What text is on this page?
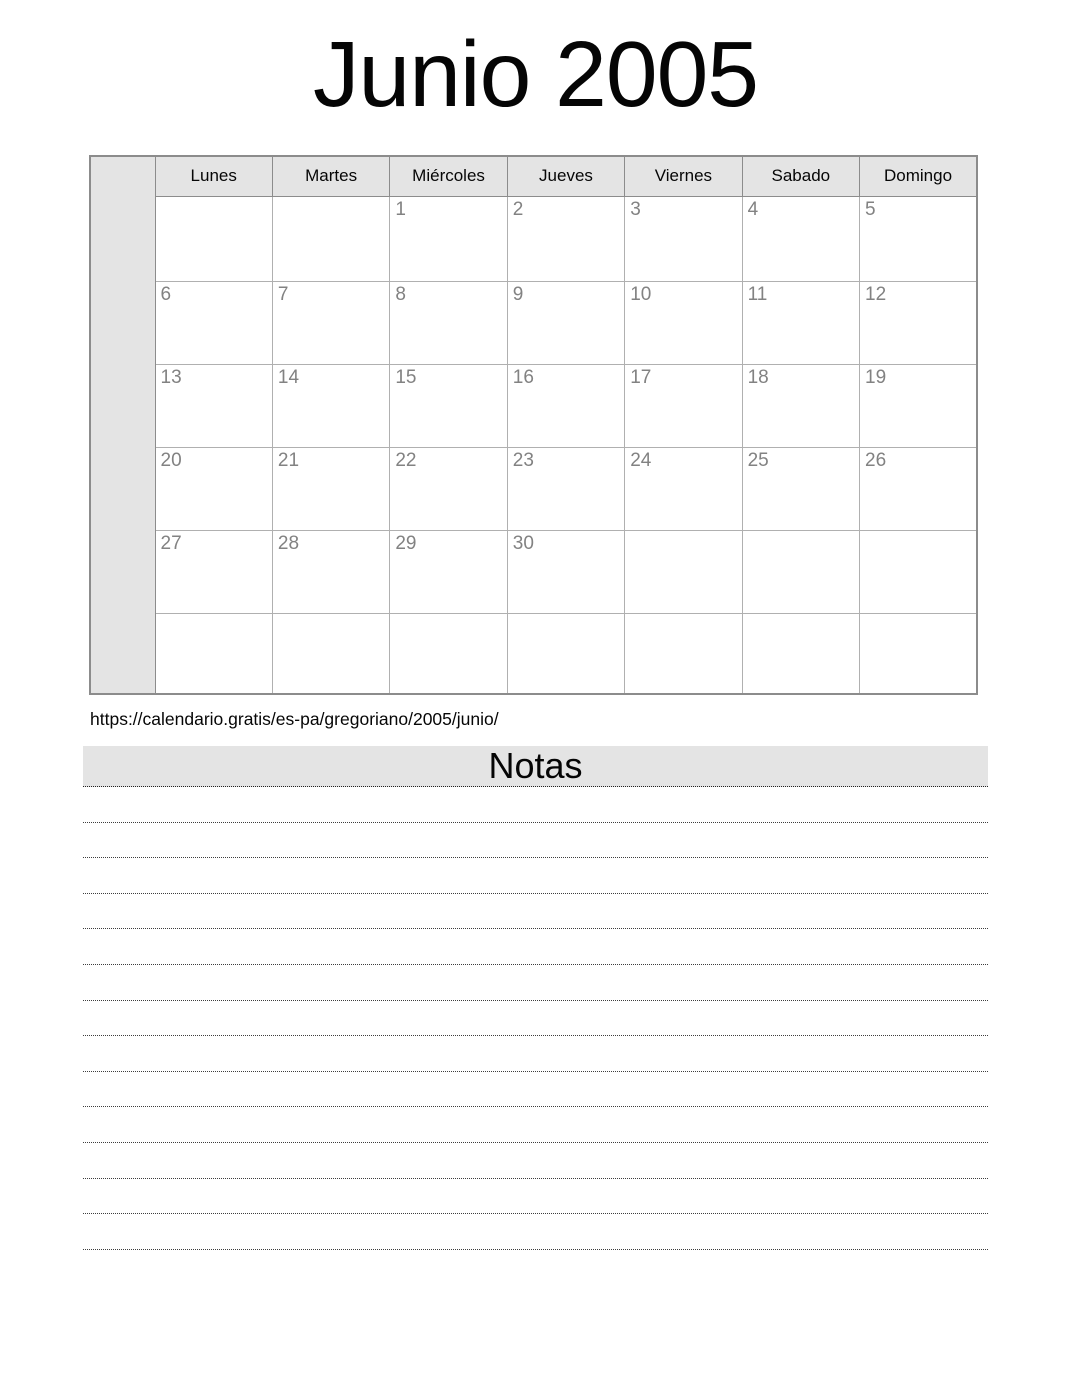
Junio 2005
	Lunes	Martes	Miércoles	Jueves	Viernes	Sabado	Domingo
			1	2	3	4	5
	6	7	8	9	10	11	12
	13	14	15	16	17	18	19
	20	21	22	23	24	25	26
	27	28	29	30			

https://calendario.gratis/es-pa/gregoriano/2005/junio/
Notas
